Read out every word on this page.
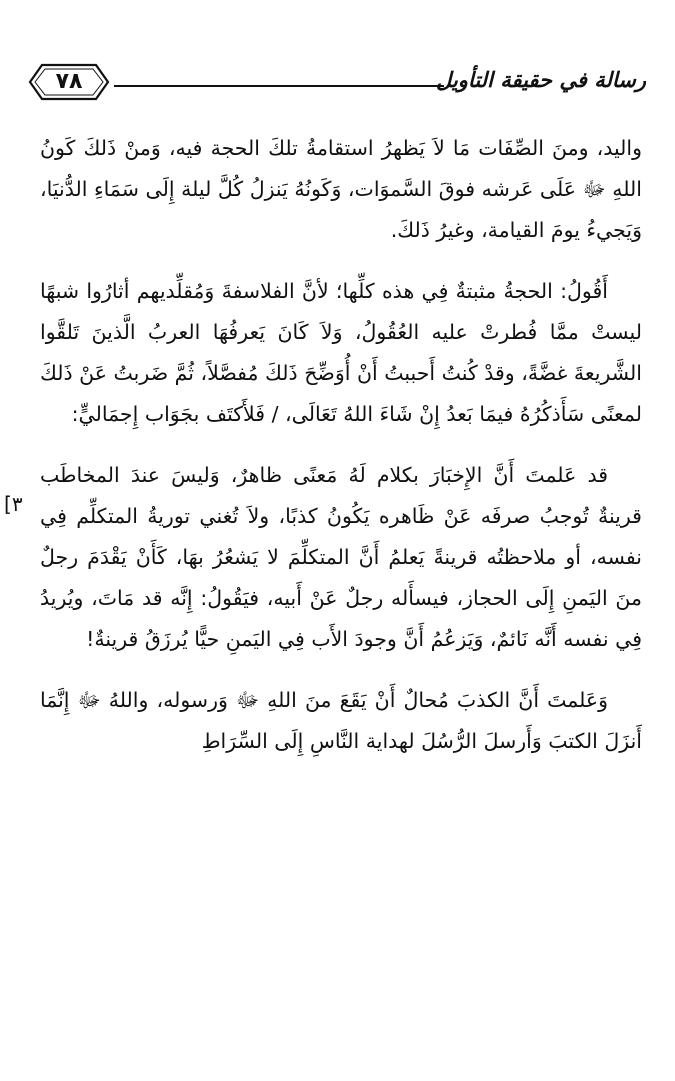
٧٨	رسالة في حقيقة التأويل
[٣

واليد، ومنَ الصِّفَات مَا لاَ يَظهرُ استقامةُ تلكَ الحجة فيه، وَمنْ ذَلكَ كَونُ اللهِ ﷻ عَلَى عَرشه فوقَ السَّموَات، وَكَونُهُ يَنزلُ كُلَّ ليلة إِلَى سَمَاءِ الدُّنيَا، وَيَجيءُ يومَ القيامة، وغيرُ ذَلكَ.

أَقُولُ: الحجةُ مثبتةٌ فِي هذه كلِّها؛ لأنَّ الفلاسفةَ وَمُقلِّديهم أثارُوا شبهًا ليستْ ممَّا فُطرتْ عليه العُقُولُ، وَلاَ كَانَ يَعرفُهَا العربُ الَّذينَ تَلقَّوا الشَّريعةَ غضَّةً، وقدْ كُنتُ أَحببتُ أَنْ أُوَضِّحَ ذَلكَ مُفصَّلاً، ثُمَّ ضَربتُ عَنْ ذَلكَ لمعنًى سَأَذكُرُهُ فيمَا بَعدُ إِنْ شَاءَ اللهُ تَعَالَى، / فَلأَكتَف بجَوَاب إِجمَاليٍّ:

قد عَلمتَ أَنَّ الإِخبَارَ بكلام لَهُ مَعنًى ظاهرٌ، وَليسَ عندَ المخاطَب قرينةٌ تُوجبُ صرفَه عَنْ ظَاهره يَكُونُ كذبًا، ولاَ تُغني توريةُ المتكلِّم فِي نفسه، أو ملاحظتُه قرينةً يَعلمُ أَنَّ المتكلِّمَ لا يَشعُرُ بهَا، كَأَنْ يَقْدَمَ رجلٌ منَ اليَمنِ إِلَى الحجاز، فيسأَله رجلٌ عَنْ أَبيه، فيَقُولُ: إِنَّه قد مَاتَ، ويُريدُ فِي نفسه أَنَّه نَائمٌ، وَيَزعُمُ أَنَّ وجودَ الأَب فِي اليَمنِ حيًّا يُرزَقُ قرينةٌ!

وَعَلمتَ أَنَّ الكذبَ مُحالٌ أَنْ يَقَعَ منَ اللهِ ﷻ وَرسوله، واللهُ ﷻ إِنَّمَا أَنزَلَ الكتبَ وَأَرسلَ الرُّسُلَ لهداية النَّاسِ إِلَى السِّرَاطِ
